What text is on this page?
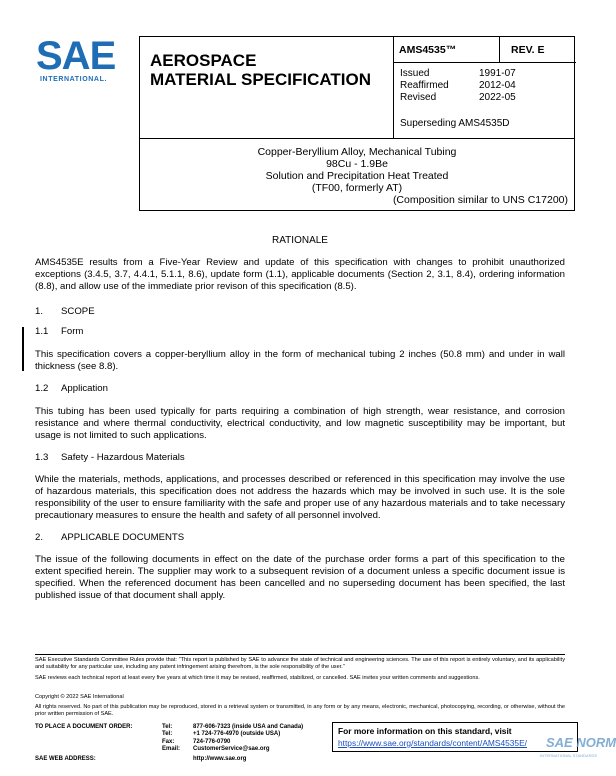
SAE
INTERNATIONAL.
AEROSPACE
MATERIAL SPECIFICATION
AMS4535™	REV. E
Issued	1991-07
Reaffirmed	2012-04
Revised	2022-05
Superseding AMS4535D
Copper-Beryllium Alloy, Mechanical Tubing
98Cu - 1.9Be
Solution and Precipitation Heat Treated
(TF00, formerly AT)
(Composition similar to UNS C17200)
RATIONALE
AMS4535E results from a Five-Year Review and update of this specification with changes to prohibit unauthorized exceptions (3.4.5, 3.7, 4.4.1, 5.1.1, 8.6), update form (1.1), applicable documents (Section 2, 3.1, 8.4), ordering information (8.8), and allow use of the immediate prior revison of this specification (8.5).
1. SCOPE
1.1 Form
This specification covers a copper-beryllium alloy in the form of mechanical tubing 2 inches (50.8 mm) and under in wall thickness (see 8.8).
1.2 Application
This tubing has been used typically for parts requiring a combination of high strength, wear resistance, and corrosion resistance and where thermal conductivity, electrical conductivity, and low magnetic susceptibility may be important, but usage is not limited to such applications.
1.3 Safety - Hazardous Materials
While the materials, methods, applications, and processes described or referenced in this specification may involve the use of hazardous materials, this specification does not address the hazards which may be involved in such use. It is the sole responsibility of the user to ensure familiarity with the safe and proper use of any hazardous materials and to take necessary precautionary measures to ensure the health and safety of all personnel involved.
2. APPLICABLE DOCUMENTS
The issue of the following documents in effect on the date of the purchase order forms a part of this specification to the extent specified herein. The supplier may work to a subsequent revision of a document unless a specific document issue is specified. When the referenced document has been cancelled and no superseding document has been specified, the last published issue of that document shall apply.
SAE Executive Standards Committee Rules provide that: “This report is published by SAE to advance the state of technical and engineering sciences. The use of this report is entirely voluntary, and its applicability and suitability for any particular use, including any patent infringement arising therefrom, is the sole responsibility of the user.”
SAE reviews each technical report at least every five years at which time it may be revised, reaffirmed, stabilized, or cancelled. SAE invites your written comments and suggestions.
Copyright © 2022 SAE International
All rights reserved. No part of this publication may be reproduced, stored in a retrieval system or transmitted, in any form or by any means, electronic, mechanical, photocopying, recording, or otherwise, without the prior written permission of SAE.
TO PLACE A DOCUMENT ORDER:	Tel:	877-606-7323 (inside USA and Canada)
Tel:	+1 724-776-4970 (outside USA)
Fax:	724-776-0790
Email:	CustomerService@sae.org
SAE WEB ADDRESS:	http://www.sae.org
For more information on this standard, visit
https://www.sae.org/standards/content/AMS4535E/ SAE NORM
INTERNATIONAL STANDARDS
